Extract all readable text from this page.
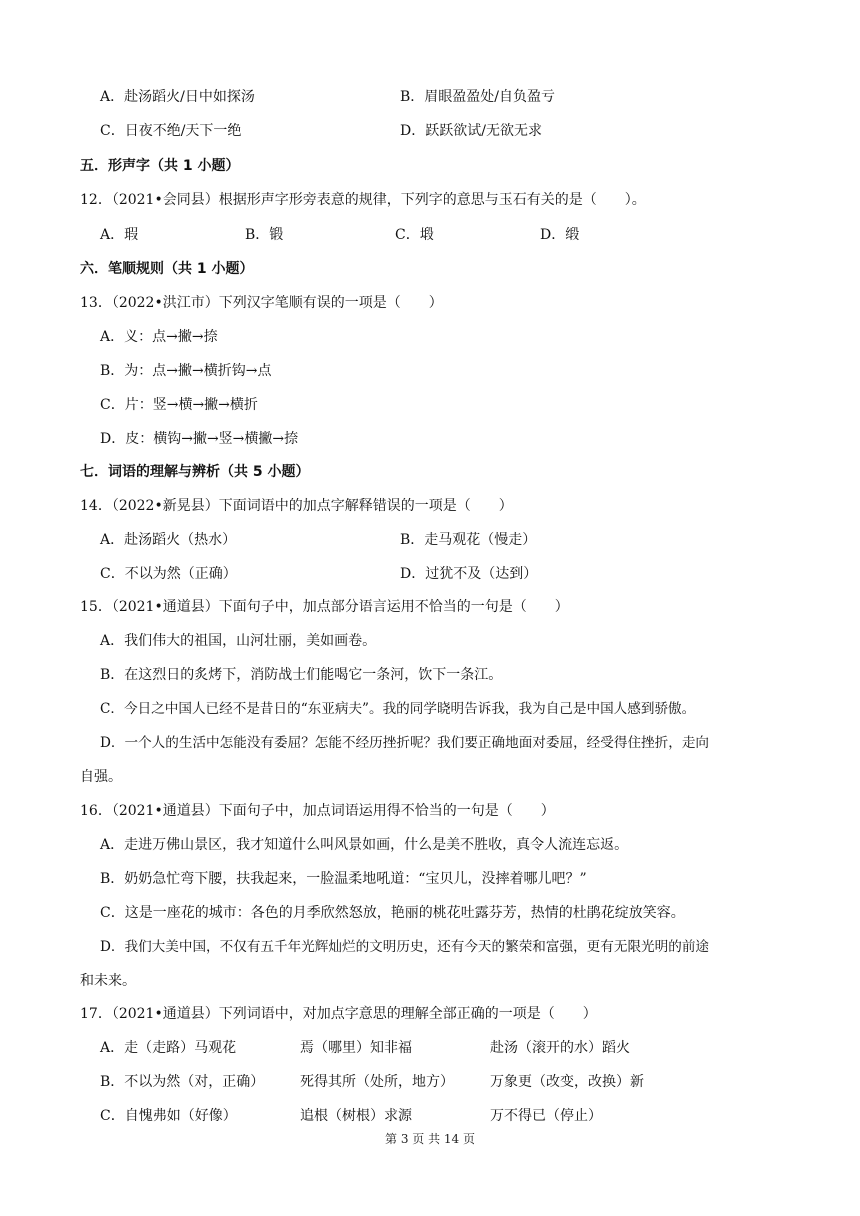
A．赴汤蹈火/日中如探汤	B．眉眼盈盈处/自负盈亏
C．日夜不绝/天下一绝	D．跃跃欲试/无欲无求
五．形声字（共 1 小题）
12．（2021•会同县）根据形声字形旁表意的规律，下列字的意思与玉石有关的是（　　）。
A．瑕	B．锻	C．塅	D．缎
六．笔顺规则（共 1 小题）
13．（2022•洪江市）下列汉字笔顺有误的一项是（　　）
A．义：点→撇→捺
B．为：点→撇→横折钩→点
C．片：竖→横→撇→横折
D．皮：横钩→撇→竖→横撇→捺
七．词语的理解与辨析（共 5 小题）
14．（2022•新晃县）下面词语中的加点字解释错误的一项是（　　）
A．赴汤蹈火（热水）	B．走马观花（慢走）
C．不以为然（正确）	D．过犹不及（达到）
15．（2021•通道县）下面句子中，加点部分语言运用不恰当的一句是（　　）
A．我们伟大的祖国，山河壮丽，美如画卷。
B．在这烈日的炙烤下，消防战士们能喝它一条河，饮下一条江。
C．今日之中国人已经不是昔日的“东亚病夫”。我的同学晓明告诉我，我为自己是中国人感到骄傲。
D．一个人的生活中怎能没有委屈？怎能不经历挫折呢？我们要正确地面对委屈，经受得住挫折，走向
自强。
16．（2021•通道县）下面句子中，加点词语运用得不恰当的一句是（　　）
A．走进万佛山景区，我才知道什么叫风景如画，什么是美不胜收，真令人流连忘返。
B．奶奶急忙弯下腰，扶我起来，一脸温柔地吼道：“宝贝儿，没摔着哪儿吧？”
C．这是一座花的城市：各色的月季欣然怒放，艳丽的桃花吐露芬芳，热情的杜鹃花绽放笑容。
D．我们大美中国，不仅有五千年光辉灿烂的文明历史，还有今天的繁荣和富强，更有无限光明的前途
和未来。
17．（2021•通道县）下列词语中，对加点字意思的理解全部正确的一项是（　　）
A．走（走路）马观花	焉（哪里）知非福	赴汤（滚开的水）蹈火
B．不以为然（对，正确）	死得其所（处所，地方）	万象更（改变，改换）新
C．自愧弗如（好像）	追根（树根）求源	万不得已（停止）
第 3 页 共 14 页
